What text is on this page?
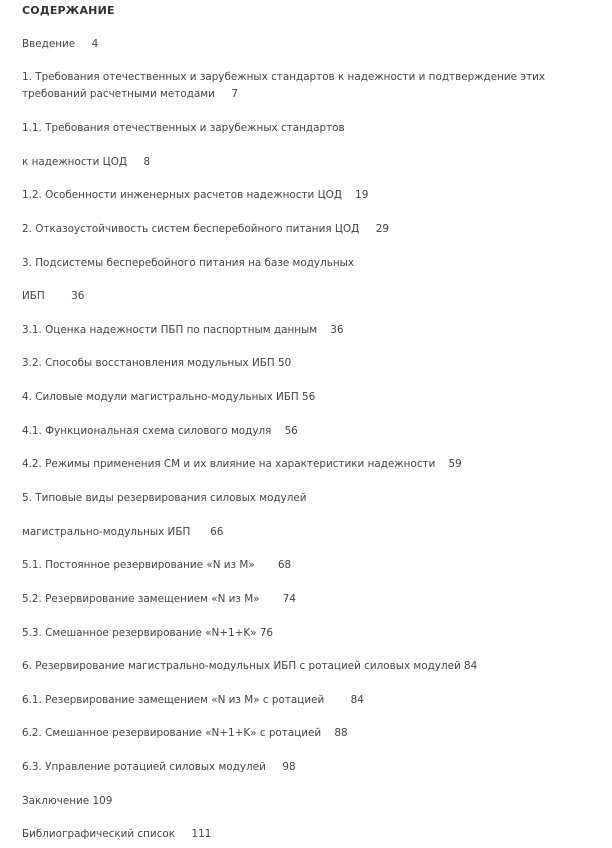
СОДЕРЖАНИЕ
Введение     4
1. Требования отечественных и зарубежных стандартов к надежности и подтверждение этих требований расчетными методами     7
1.1. Требования отечественных и зарубежных стандартов
к надежности ЦОД     8
1.2. Особенности инженерных расчетов надежности ЦОД    19
2. Отказоустойчивость систем бесперебойного питания ЦОД     29
3. Подсистемы бесперебойного питания на базе модульных
ИБП        36
3.1. Оценка надежности ПБП по паспортным данным    36
3.2. Способы восстановления модульных ИБП 50
4. Силовые модули магистрально-модульных ИБП 56
4.1. Функциональная схема силового модуля    56
4.2. Режимы применения СМ и их влияние на характеристики надежности    59
5. Типовые виды резервирования силовых модулей
магистрально-модульных ИБП      66
5.1. Постоянное резервирование «N из M»       68
5.2. Резервирование замещением «N из M»       74
5.3. Смешанное резервирование «N+1+K» 76
6. Резервирование магистрально-модульных ИБП с ротацией силовых модулей 84
6.1. Резервирование замещением «N из M» с ротацией        84
6.2. Смешанное резервирование «N+1+K» с ротацией    88
6.3. Управление ротацией силовых модулей     98
Заключение 109
Библиографический список     111
